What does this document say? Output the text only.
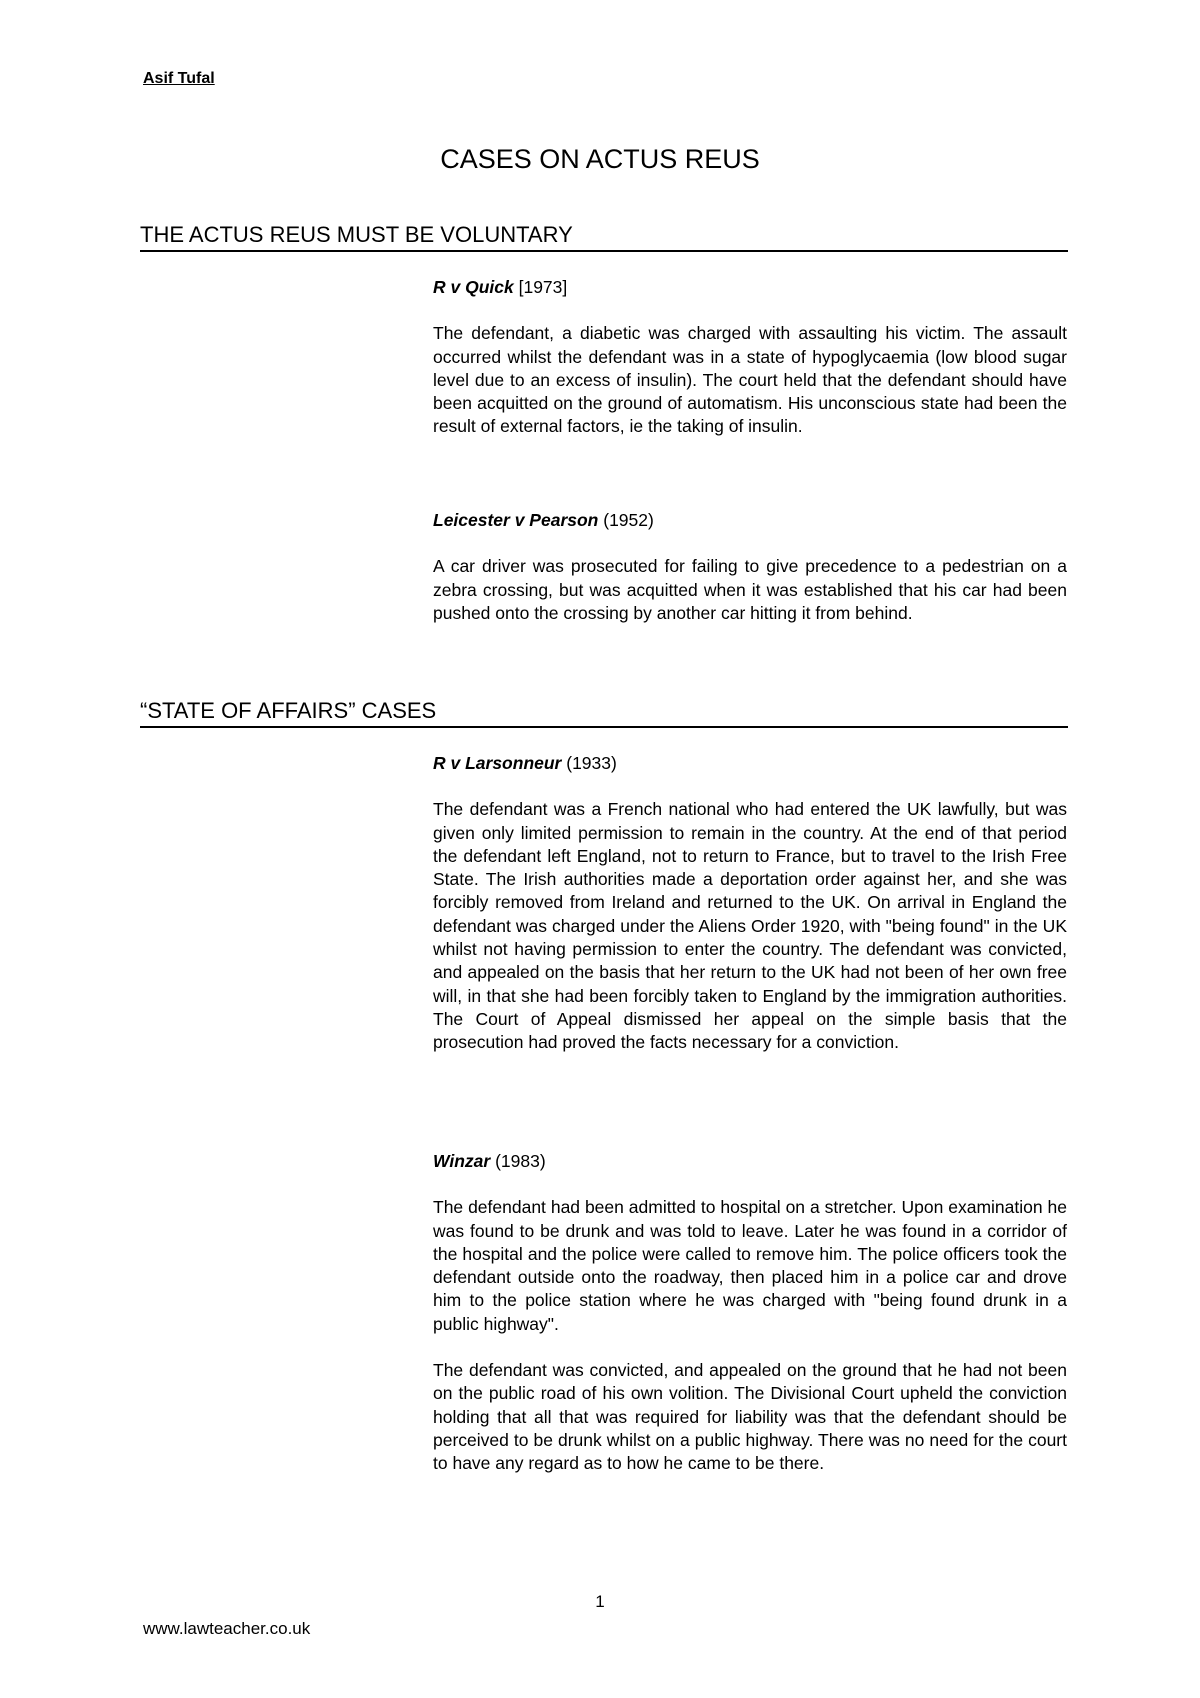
Asif Tufal
CASES ON ACTUS REUS
THE ACTUS REUS MUST BE VOLUNTARY

R v Quick [1973]

The defendant, a diabetic was charged with assaulting his victim. The assault occurred whilst the defendant was in a state of hypoglycaemia (low blood sugar level due to an excess of insulin). The court held that the defendant should have been acquitted on the ground of automatism. His unconscious state had been the result of external factors, ie the taking of insulin.

Leicester v Pearson (1952)

A car driver was prosecuted for failing to give precedence to a pedestrian on a zebra crossing, but was acquitted when it was established that his car had been pushed onto the crossing by another car hitting it from behind.

“STATE OF AFFAIRS” CASES

R v Larsonneur (1933)

The defendant was a French national who had entered the UK lawfully, but was given only limited permission to remain in the country. At the end of that period the defendant left England, not to return to France, but to travel to the Irish Free State. The Irish authorities made a deportation order against her, and she was forcibly removed from Ireland and returned to the UK. On arrival in England the defendant was charged under the Aliens Order 1920, with "being found" in the UK whilst not having permission to enter the country. The defendant was convicted, and appealed on the basis that her return to the UK had not been of her own free will, in that she had been forcibly taken to England by the immigration authorities. The Court of Appeal dismissed her appeal on the simple basis that the prosecution had proved the facts necessary for a conviction.

Winzar (1983)

The defendant had been admitted to hospital on a stretcher. Upon examination he was found to be drunk and was told to leave. Later he was found in a corridor of the hospital and the police were called to remove him. The police officers took the defendant outside onto the roadway, then placed him in a police car and drove him to the police station where he was charged with "being found drunk in a public highway".

The defendant was convicted, and appealed on the ground that he had not been on the public road of his own volition. The Divisional Court upheld the conviction holding that all that was required for liability was that the defendant should be perceived to be drunk whilst on a public highway. There was no need for the court to have any regard as to how he came to be there.

1
www.lawteacher.co.uk
